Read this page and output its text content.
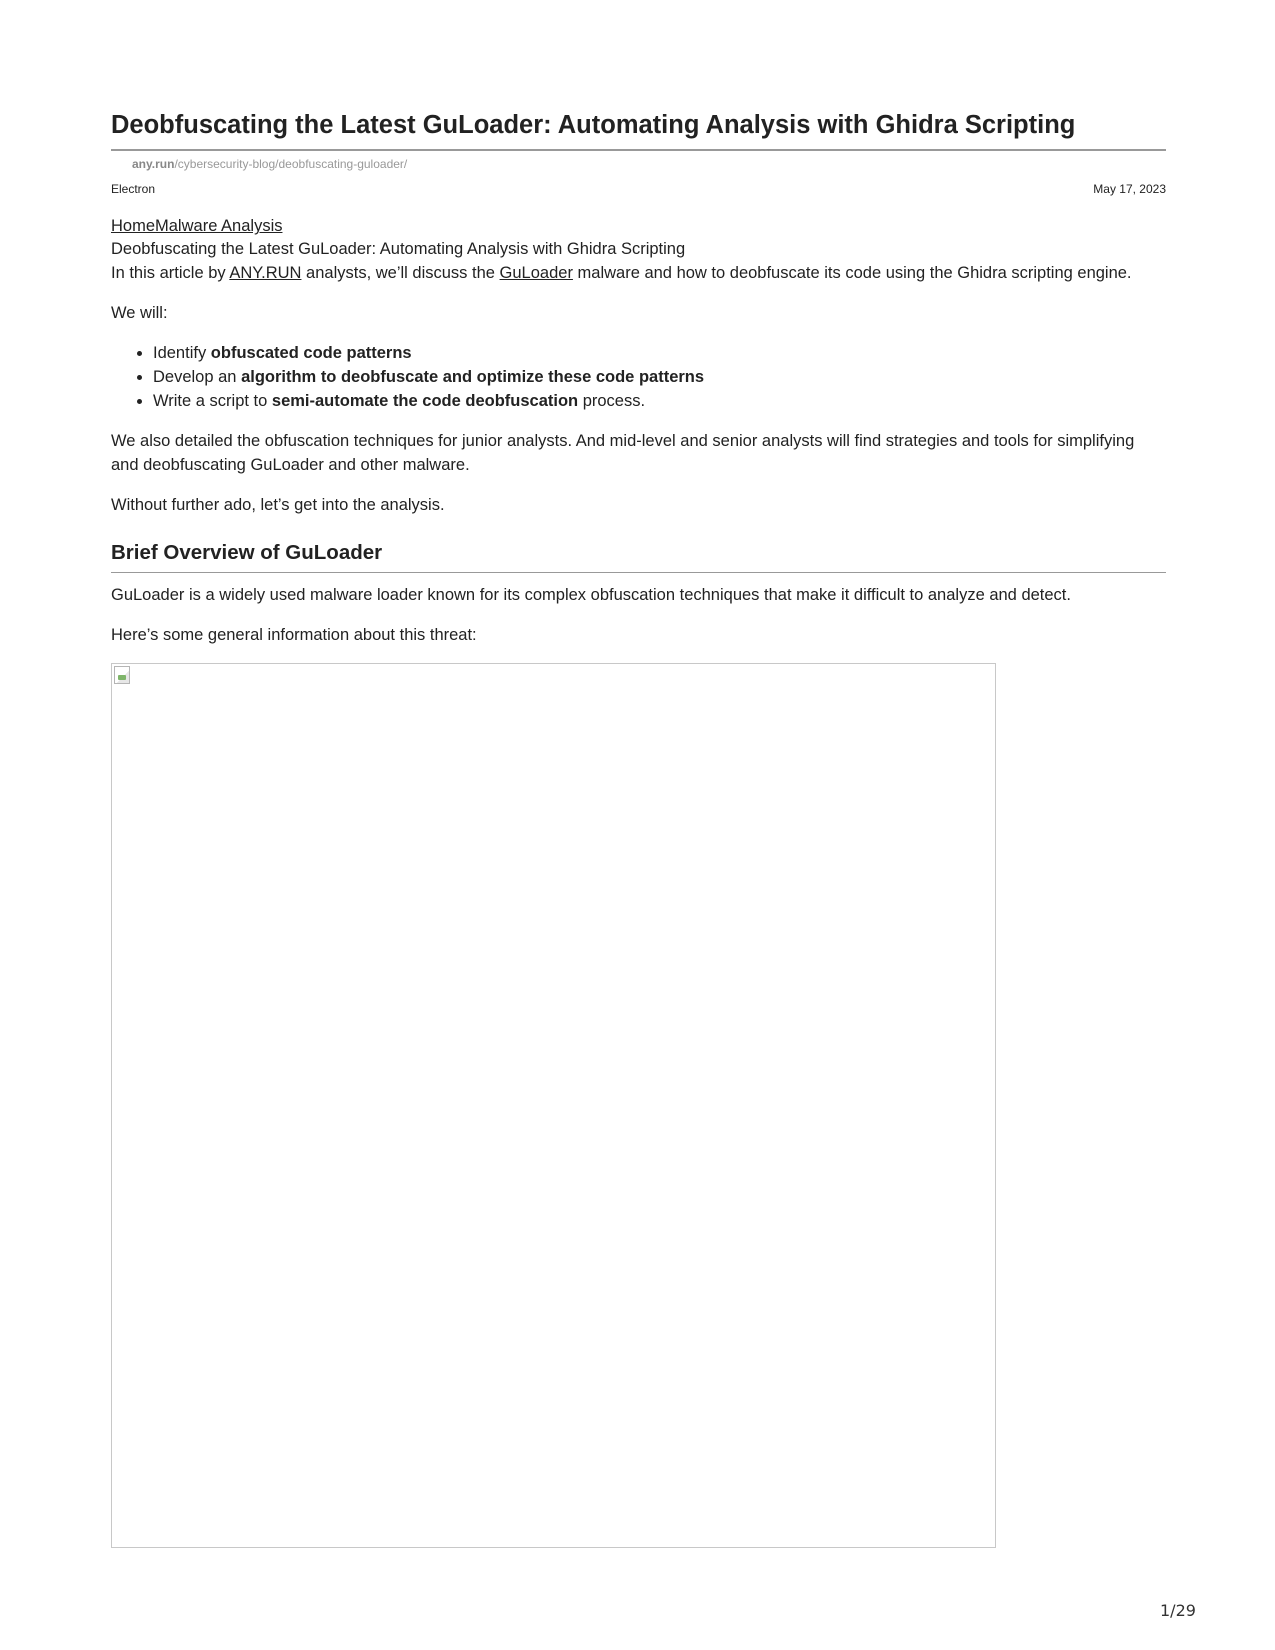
Deobfuscating the Latest GuLoader: Automating Analysis with Ghidra Scripting
any.run/cybersecurity-blog/deobfuscating-guloader/
Electron	May 17, 2023
HomeMalware Analysis
Deobfuscating the Latest GuLoader: Automating Analysis with Ghidra Scripting

In this article by ANY.RUN analysts, we’ll discuss the GuLoader malware and how to deobfuscate its code using the Ghidra scripting engine.

We will:

• Identify obfuscated code patterns
• Develop an algorithm to deobfuscate and optimize these code patterns
• Write a script to semi-automate the code deobfuscation process.

We also detailed the obfuscation techniques for junior analysts. And mid-level and senior analysts will find strategies and tools for simplifying and deobfuscating GuLoader and other malware.

Without further ado, let’s get into the analysis.

Brief Overview of GuLoader

GuLoader is a widely used malware loader known for its complex obfuscation techniques that make it difficult to analyze and detect.

Here’s some general information about this threat:

1/29
